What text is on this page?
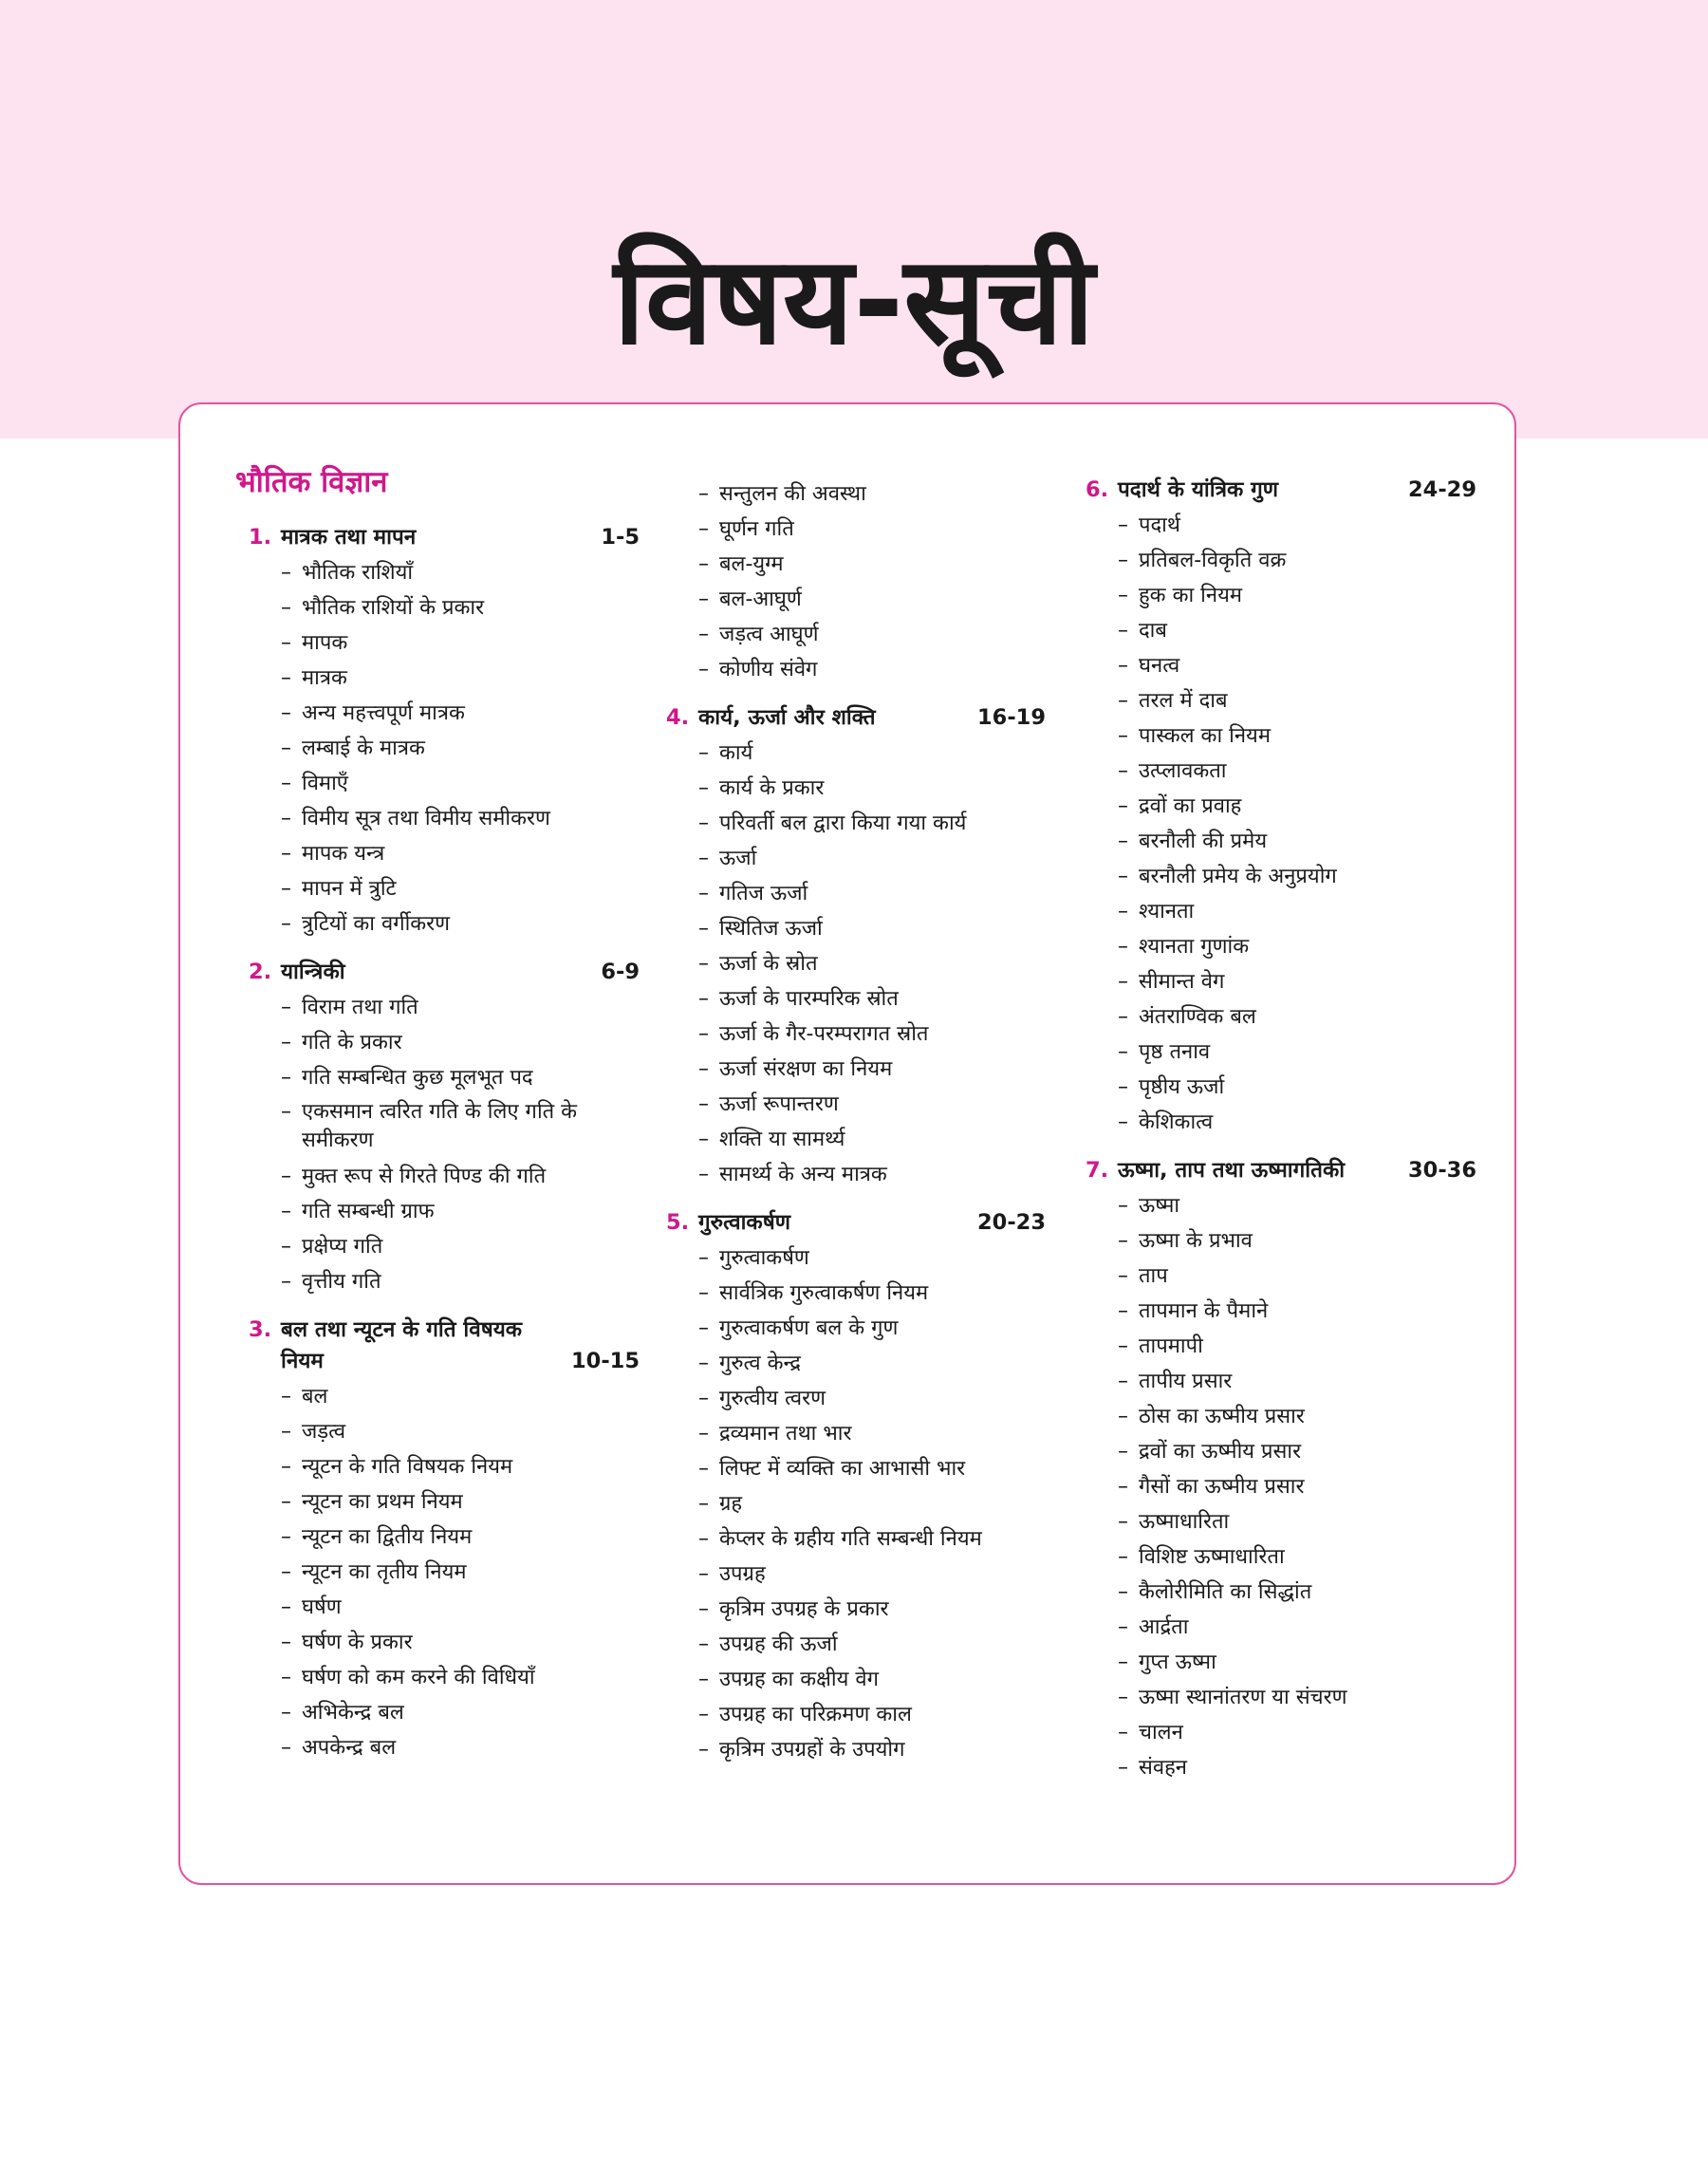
विषय-सूची
भौतिक विज्ञान
1. मात्रक तथा मापन	1-5
– भौतिक राशियाँ
– भौतिक राशियों के प्रकार
– मापक
– मात्रक
– अन्य महत्त्वपूर्ण मात्रक
– लम्बाई के मात्रक
– विमाएँ
– विमीय सूत्र तथा विमीय समीकरण
– मापक यन्त्र
– मापन में त्रुटि
– त्रुटियों का वर्गीकरण
2. यान्त्रिकी	6-9
– विराम तथा गति
– गति के प्रकार
– गति सम्बन्धित कुछ मूलभूत पद
– एकसमान त्वरित गति के लिए गति के समीकरण
– मुक्त रूप से गिरते पिण्ड की गति
– गति सम्बन्धी ग्राफ
– प्रक्षेप्य गति
– वृत्तीय गति
3. बल तथा न्यूटन के गति विषयक नियम	10-15
– बल
– जड़त्व
– न्यूटन के गति विषयक नियम
– न्यूटन का प्रथम नियम
– न्यूटन का द्वितीय नियम
– न्यूटन का तृतीय नियम
– घर्षण
– घर्षण के प्रकार
– घर्षण को कम करने की विधियाँ
– अभिकेन्द्र बल
– अपकेन्द्र बल
– सन्तुलन की अवस्था
– घूर्णन गति
– बल-युग्म
– बल-आघूर्ण
– जड़त्व आघूर्ण
– कोणीय संवेग
4. कार्य, ऊर्जा और शक्ति	16-19
– कार्य
– कार्य के प्रकार
– परिवर्ती बल द्वारा किया गया कार्य
– ऊर्जा
– गतिज ऊर्जा
– स्थितिज ऊर्जा
– ऊर्जा के स्रोत
– ऊर्जा के पारम्परिक स्रोत
– ऊर्जा के गैर-परम्परागत स्रोत
– ऊर्जा संरक्षण का नियम
– ऊर्जा रूपान्तरण
– शक्ति या सामर्थ्य
– सामर्थ्य के अन्य मात्रक
5. गुरुत्वाकर्षण	20-23
– गुरुत्वाकर्षण
– सार्वत्रिक गुरुत्वाकर्षण नियम
– गुरुत्वाकर्षण बल के गुण
– गुरुत्व केन्द्र
– गुरुत्वीय त्वरण
– द्रव्यमान तथा भार
– लिफ्ट में व्यक्ति का आभासी भार
– ग्रह
– केप्लर के ग्रहीय गति सम्बन्धी नियम
– उपग्रह
– कृत्रिम उपग्रह के प्रकार
– उपग्रह की ऊर्जा
– उपग्रह का कक्षीय वेग
– उपग्रह का परिक्रमण काल
– कृत्रिम उपग्रहों के उपयोग
6. पदार्थ के यांत्रिक गुण	24-29
– पदार्थ
– प्रतिबल-विकृति वक्र
– हुक का नियम
– दाब
– घनत्व
– तरल में दाब
– पास्कल का नियम
– उत्प्लावकता
– द्रवों का प्रवाह
– बरनौली की प्रमेय
– बरनौली प्रमेय के अनुप्रयोग
– श्यानता
– श्यानता गुणांक
– सीमान्त वेग
– अंतराण्विक बल
– पृष्ठ तनाव
– पृष्ठीय ऊर्जा
– केशिकात्व
7. ऊष्मा, ताप तथा ऊष्मागतिकी	30-36
– ऊष्मा
– ऊष्मा के प्रभाव
– ताप
– तापमान के पैमाने
– तापमापी
– तापीय प्रसार
– ठोस का ऊष्मीय प्रसार
– द्रवों का ऊष्मीय प्रसार
– गैसों का ऊष्मीय प्रसार
– ऊष्माधारिता
– विशिष्ट ऊष्माधारिता
– कैलोरीमिति का सिद्धांत
– आर्द्रता
– गुप्त ऊष्मा
– ऊष्मा स्थानांतरण या संचरण
– चालन
– संवहन
